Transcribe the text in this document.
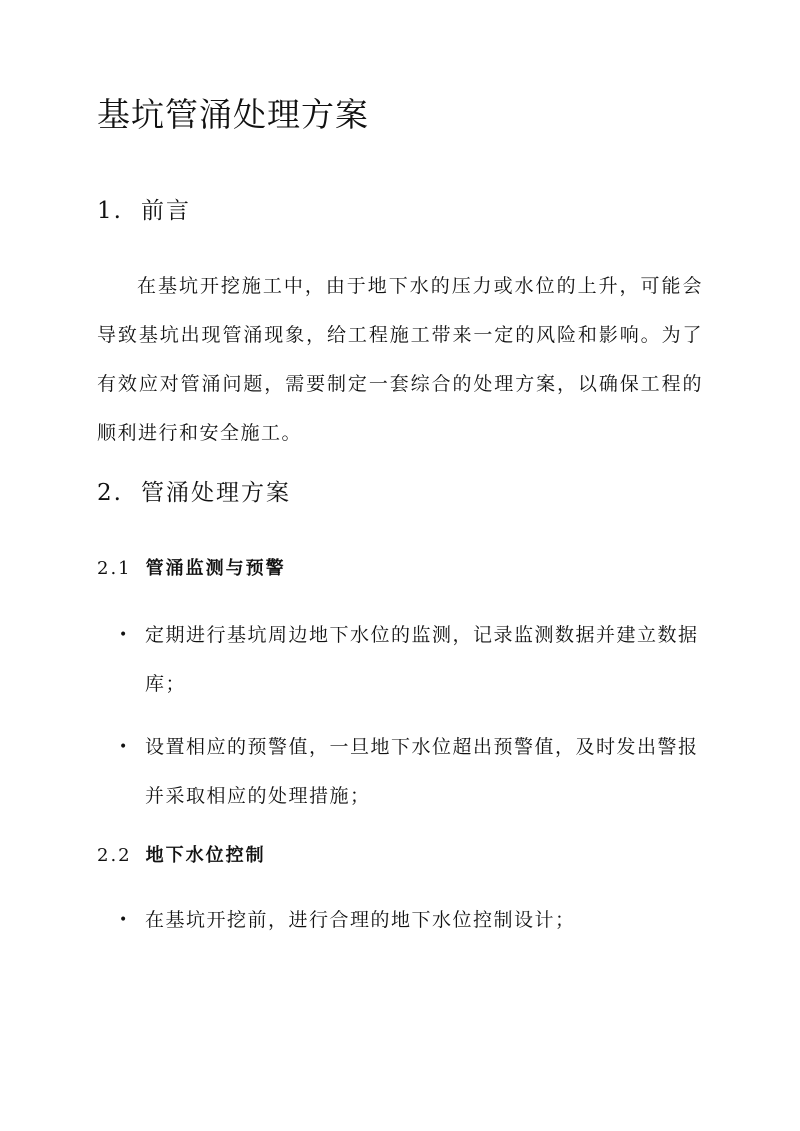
基坑管涌处理方案
1. 前言

在基坑开挖施工中，由于地下水的压力或水位的上升，可能会导致基坑出现管涌现象，给工程施工带来一定的风险和影响。为了有效应对管涌问题，需要制定一套综合的处理方案，以确保工程的顺利进行和安全施工。

2. 管涌处理方案
2.1 管涌监测与预警
• 定期进行基坑周边地下水位的监测，记录监测数据并建立数据库；
• 设置相应的预警值，一旦地下水位超出预警值，及时发出警报并采取相应的处理措施；
2.2 地下水位控制
• 在基坑开挖前，进行合理的地下水位控制设计；
